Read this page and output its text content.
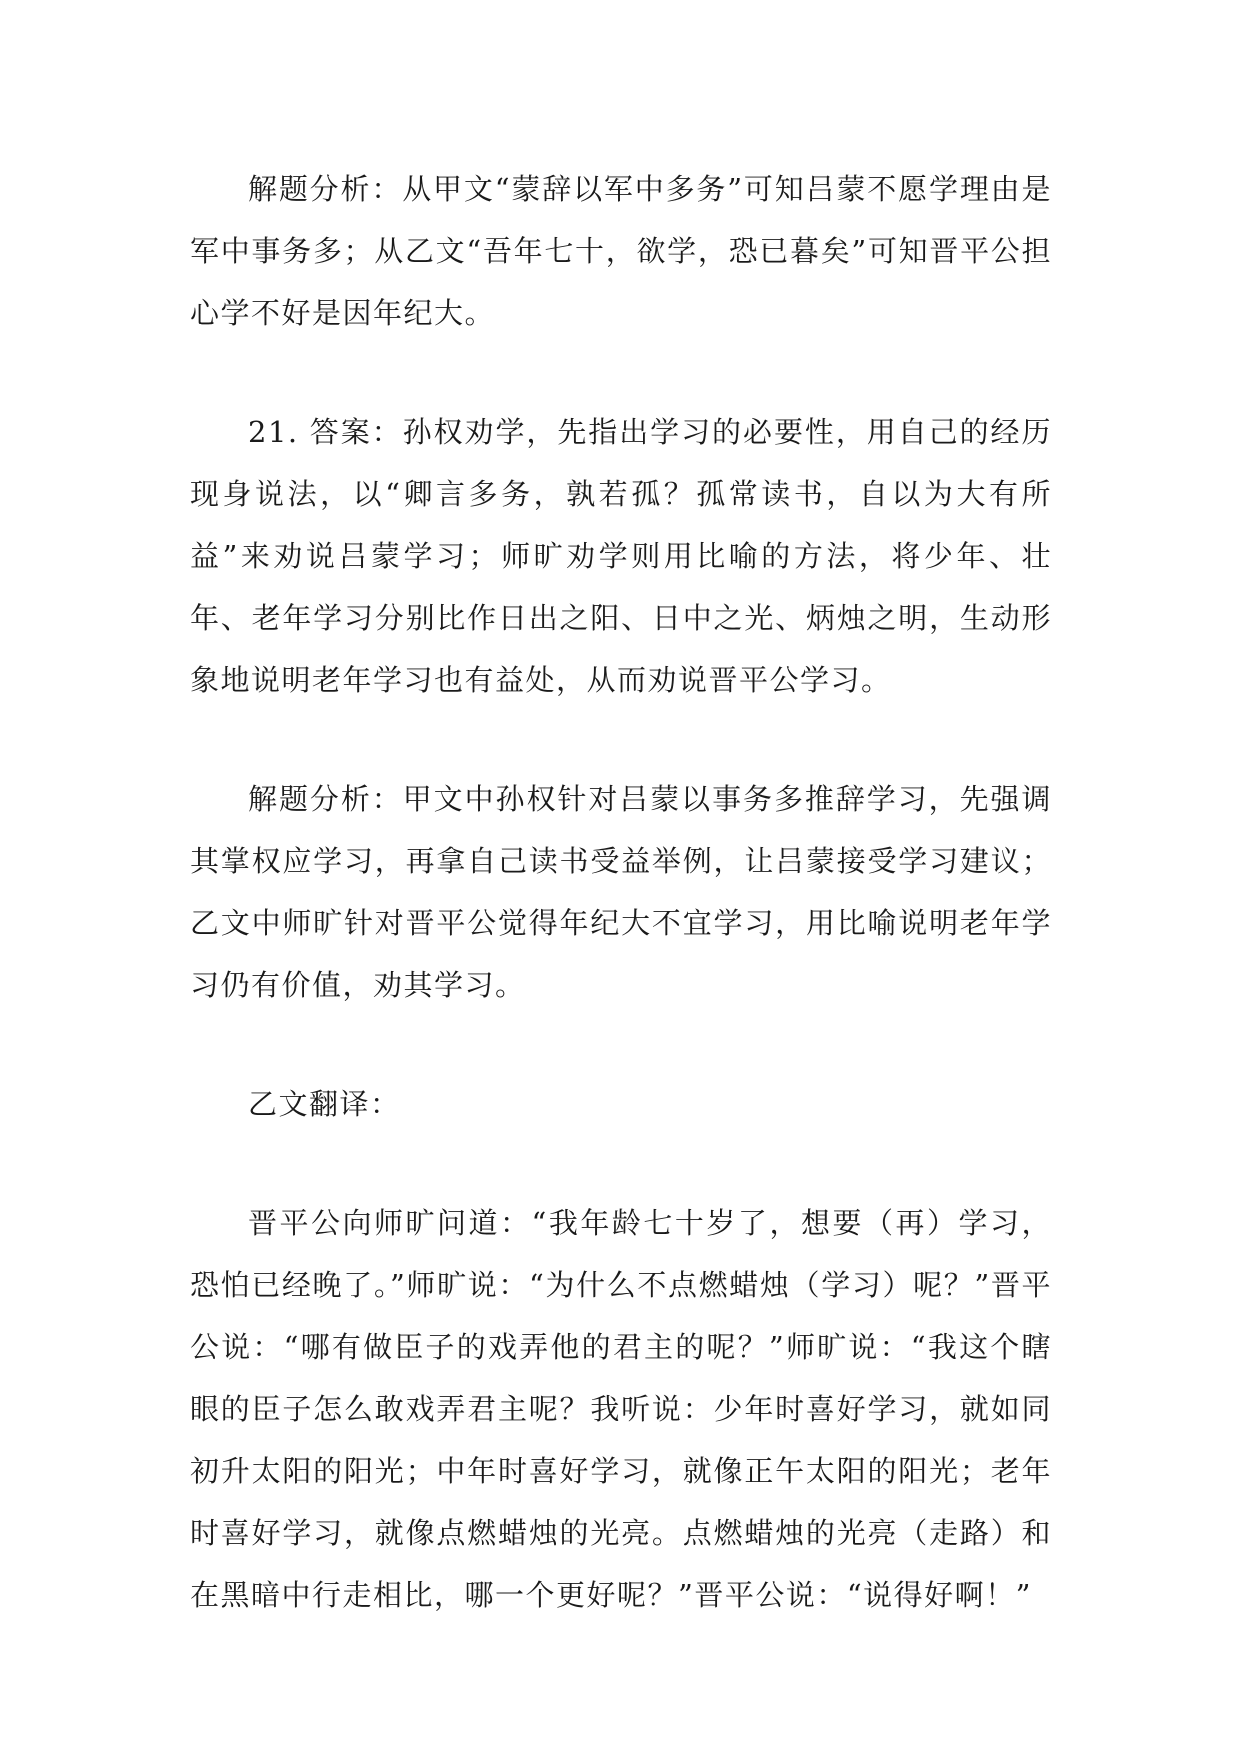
解题分析：从甲文“蒙辞以军中多务”可知吕蒙不愿学理由是军中事务多；从乙文“吾年七十，欲学，恐已暮矣”可知晋平公担心学不好是因年纪大。

21. 答案：孙权劝学，先指出学习的必要性，用自己的经历现身说法，以“卿言多务，孰若孤？孤常读书，自以为大有所益”来劝说吕蒙学习；师旷劝学则用比喻的方法，将少年、壮年、老年学习分别比作日出之阳、日中之光、炳烛之明，生动形象地说明老年学习也有益处，从而劝说晋平公学习。

解题分析：甲文中孙权针对吕蒙以事务多推辞学习，先强调其掌权应学习，再拿自己读书受益举例，让吕蒙接受学习建议；乙文中师旷针对晋平公觉得年纪大不宜学习，用比喻说明老年学习仍有价值，劝其学习。

乙文翻译：

晋平公向师旷问道：“我年龄七十岁了，想要（再）学习，恐怕已经晚了。”师旷说：“为什么不点燃蜡烛（学习）呢？”晋平公说：“哪有做臣子的戏弄他的君主的呢？”师旷说：“我这个瞎眼的臣子怎么敢戏弄君主呢？我听说：少年时喜好学习，就如同初升太阳的阳光；中年时喜好学习，就像正午太阳的阳光；老年时喜好学习，就像点燃蜡烛的光亮。点燃蜡烛的光亮（走路）和在黑暗中行走相比，哪一个更好呢？”晋平公说：“说得好啊！”
